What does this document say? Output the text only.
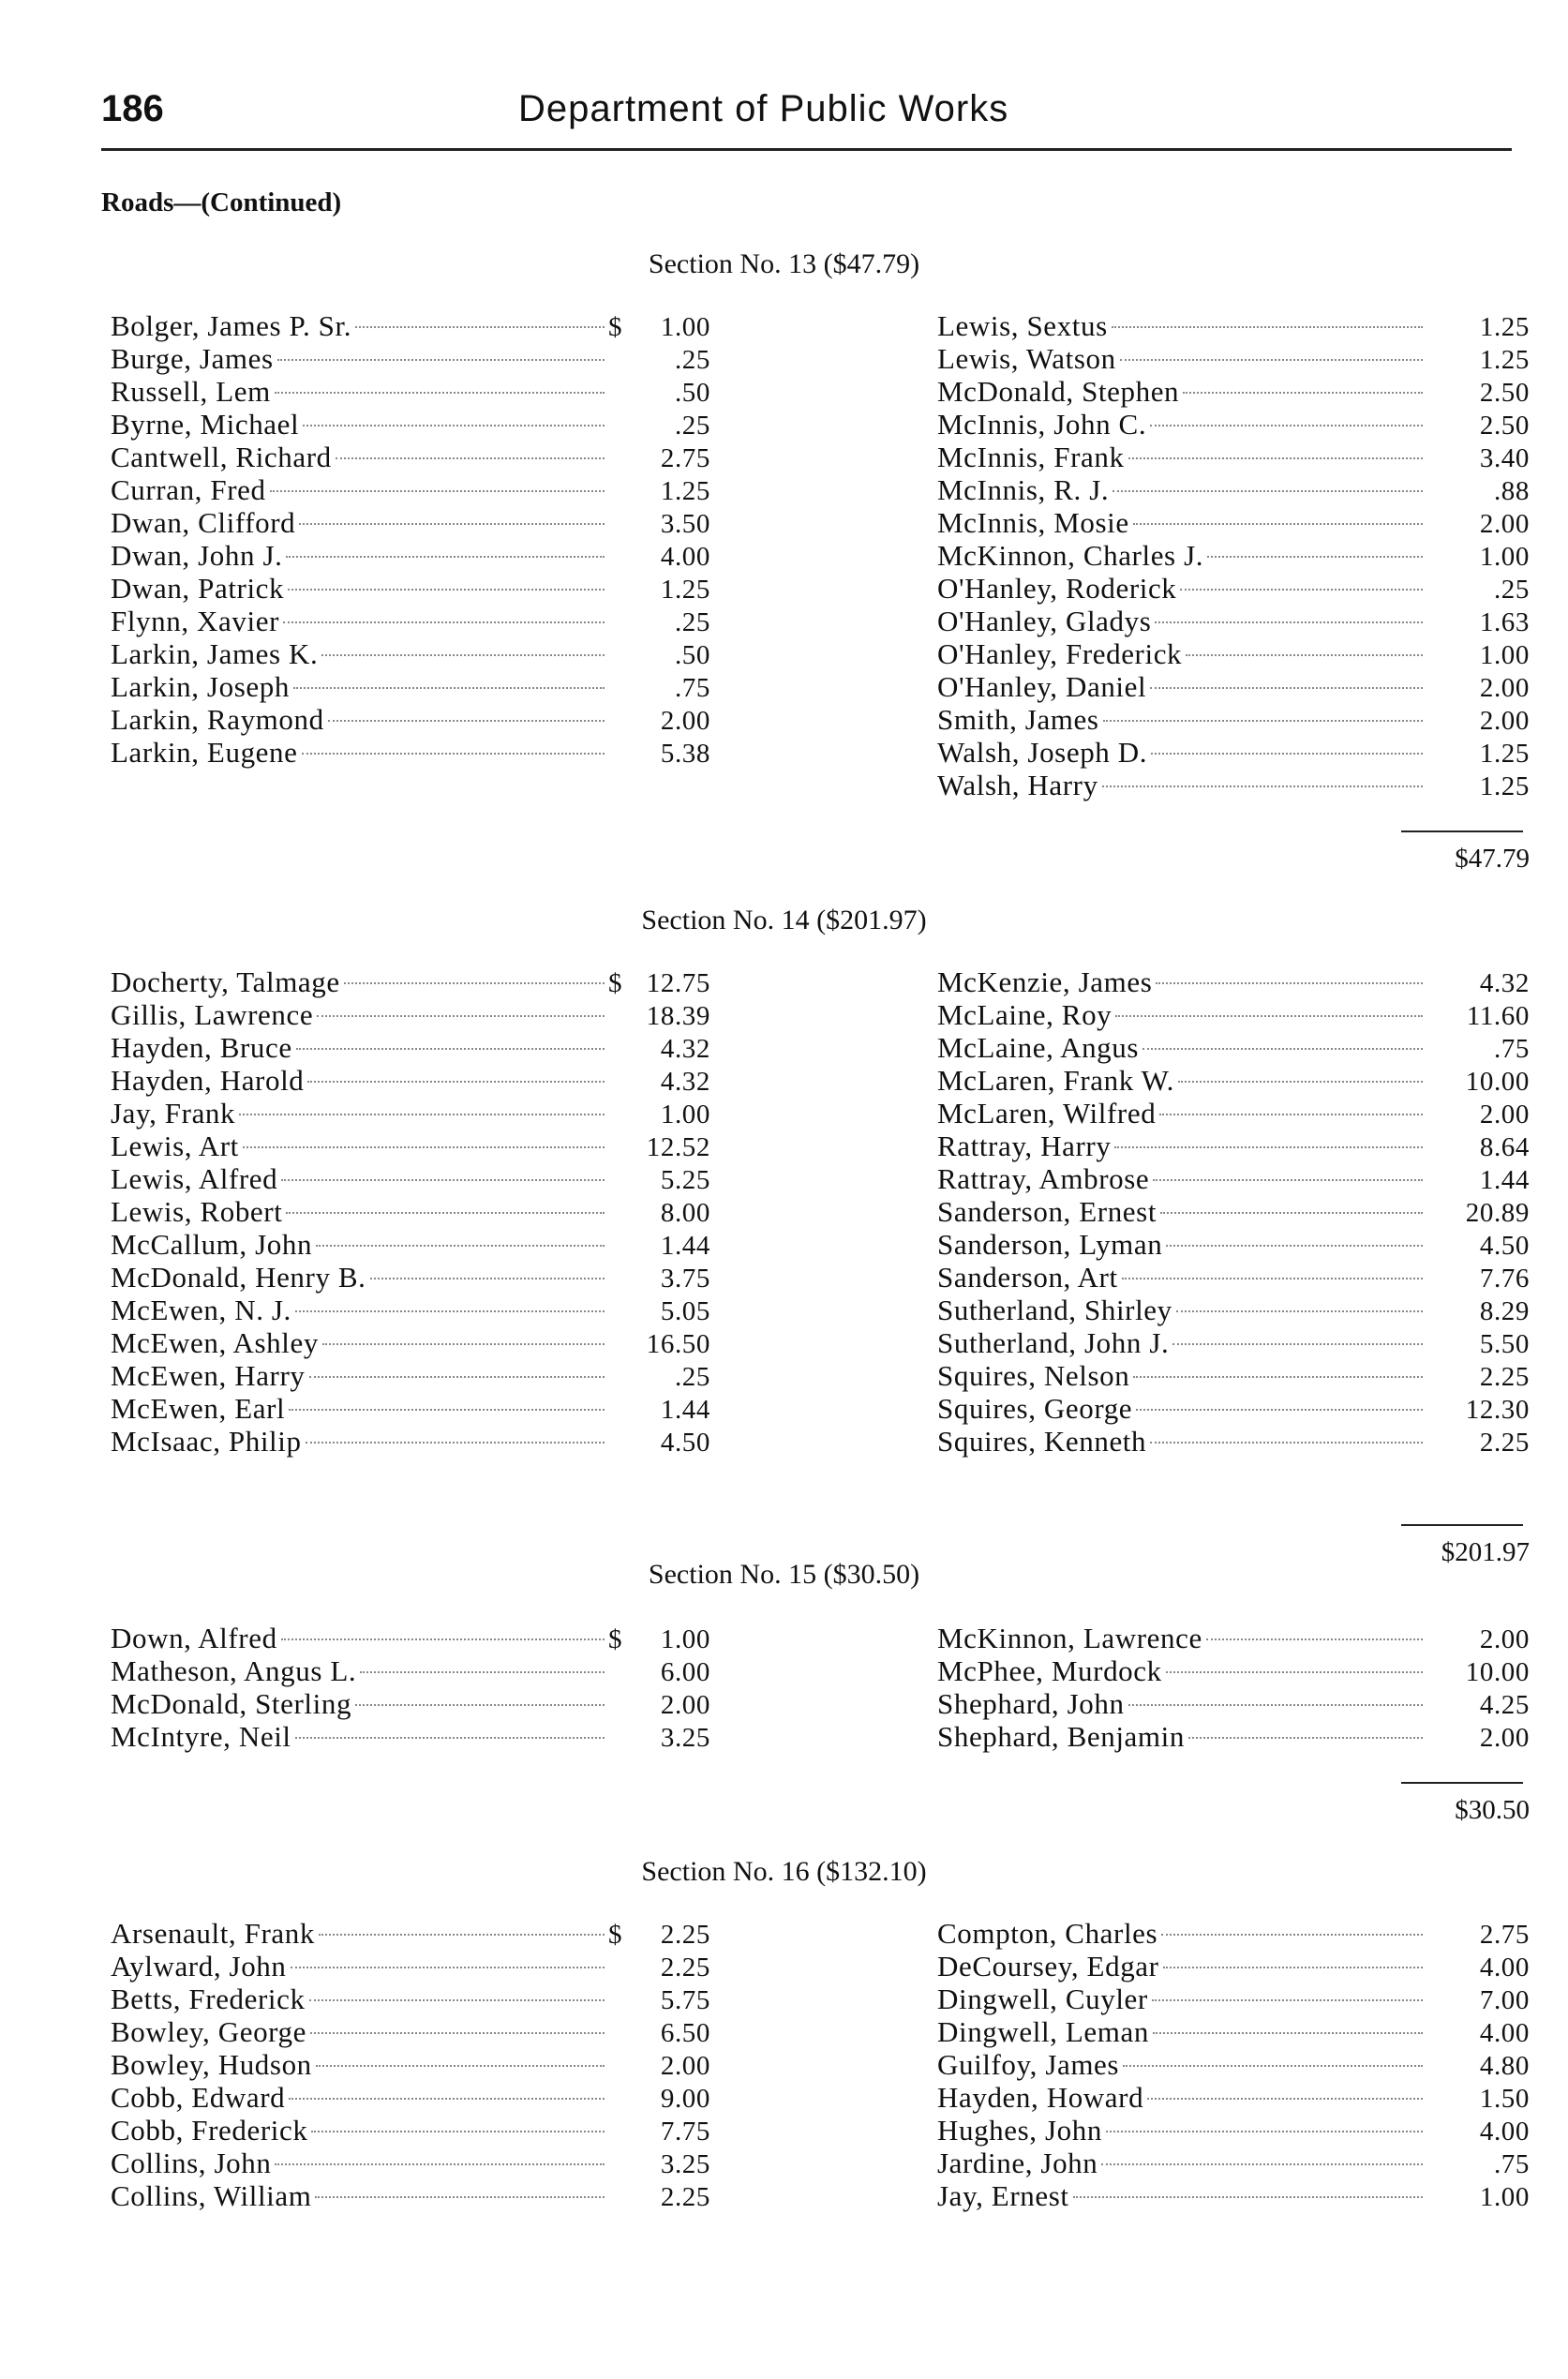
186	Department of Public Works
Roads—(Continued)
Section No. 13 ($47.79)
Bolger, James P. Sr.	$	1.00
Burge, James	.25
Russell, Lem	.50
Byrne, Michael	.25
Cantwell, Richard	2.75
Curran, Fred	1.25
Dwan, Clifford	3.50
Dwan, John J.	4.00
Dwan, Patrick	1.25
Flynn, Xavier	.25
Larkin, James K.	.50
Larkin, Joseph	.75
Larkin, Raymond	2.00
Larkin, Eugene	5.38
Lewis, Sextus	1.25
Lewis, Watson	1.25
McDonald, Stephen	2.50
McInnis, John C.	2.50
McInnis, Frank	3.40
McInnis, R. J.	.88
McInnis, Mosie	2.00
McKinnon, Charles J.	1.00
O'Hanley, Roderick	.25
O'Hanley, Gladys	1.63
O'Hanley, Frederick	1.00
O'Hanley, Daniel	2.00
Smith, James	2.00
Walsh, Joseph D.	1.25
Walsh, Harry	1.25
$47.79
Section No. 14 ($201.97)
Docherty, Talmage	$ 12.75
Gillis, Lawrence	18.39
Hayden, Bruce	4.32
Hayden, Harold	4.32
Jay, Frank	1.00
Lewis, Art	12.52
Lewis, Alfred	5.25
Lewis, Robert	8.00
McCallum, John	1.44
McDonald, Henry B.	3.75
McEwen, N. J.	5.05
McEwen, Ashley	16.50
McEwen, Harry	.25
McEwen, Earl	1.44
McIsaac, Philip	4.50
McKenzie, James	4.32
McLaine, Roy	11.60
McLaine, Angus	.75
McLaren, Frank W.	10.00
McLaren, Wilfred	2.00
Rattray, Harry	8.64
Rattray, Ambrose	1.44
Sanderson, Ernest	20.89
Sanderson, Lyman	4.50
Sanderson, Art	7.76
Sutherland, Shirley	8.29
Sutherland, John J.	5.50
Squires, Nelson	2.25
Squires, George	12.30
Squires, Kenneth	2.25
$201.97
Section No. 15 ($30.50)
Down, Alfred	$	1.00
Matheson, Angus L.	6.00
McDonald, Sterling	2.00
McIntyre, Neil	3.25
McKinnon, Lawrence	2.00
McPhee, Murdock	10.00
Shephard, John	4.25
Shephard, Benjamin	2.00
$30.50
Section No. 16 ($132.10)
Arsenault, Frank	$	2.25
Aylward, John	2.25
Betts, Frederick	5.75
Bowley, George	6.50
Bowley, Hudson	2.00
Cobb, Edward	9.00
Cobb, Frederick	7.75
Collins, John	3.25
Collins, William	2.25
Compton, Charles	2.75
DeCoursey, Edgar	4.00
Dingwell, Cuyler	7.00
Dingwell, Leman	4.00
Guilfoy, James	4.80
Hayden, Howard	1.50
Hughes, John	4.00
Jardine, John	.75
Jay, Ernest	1.00
